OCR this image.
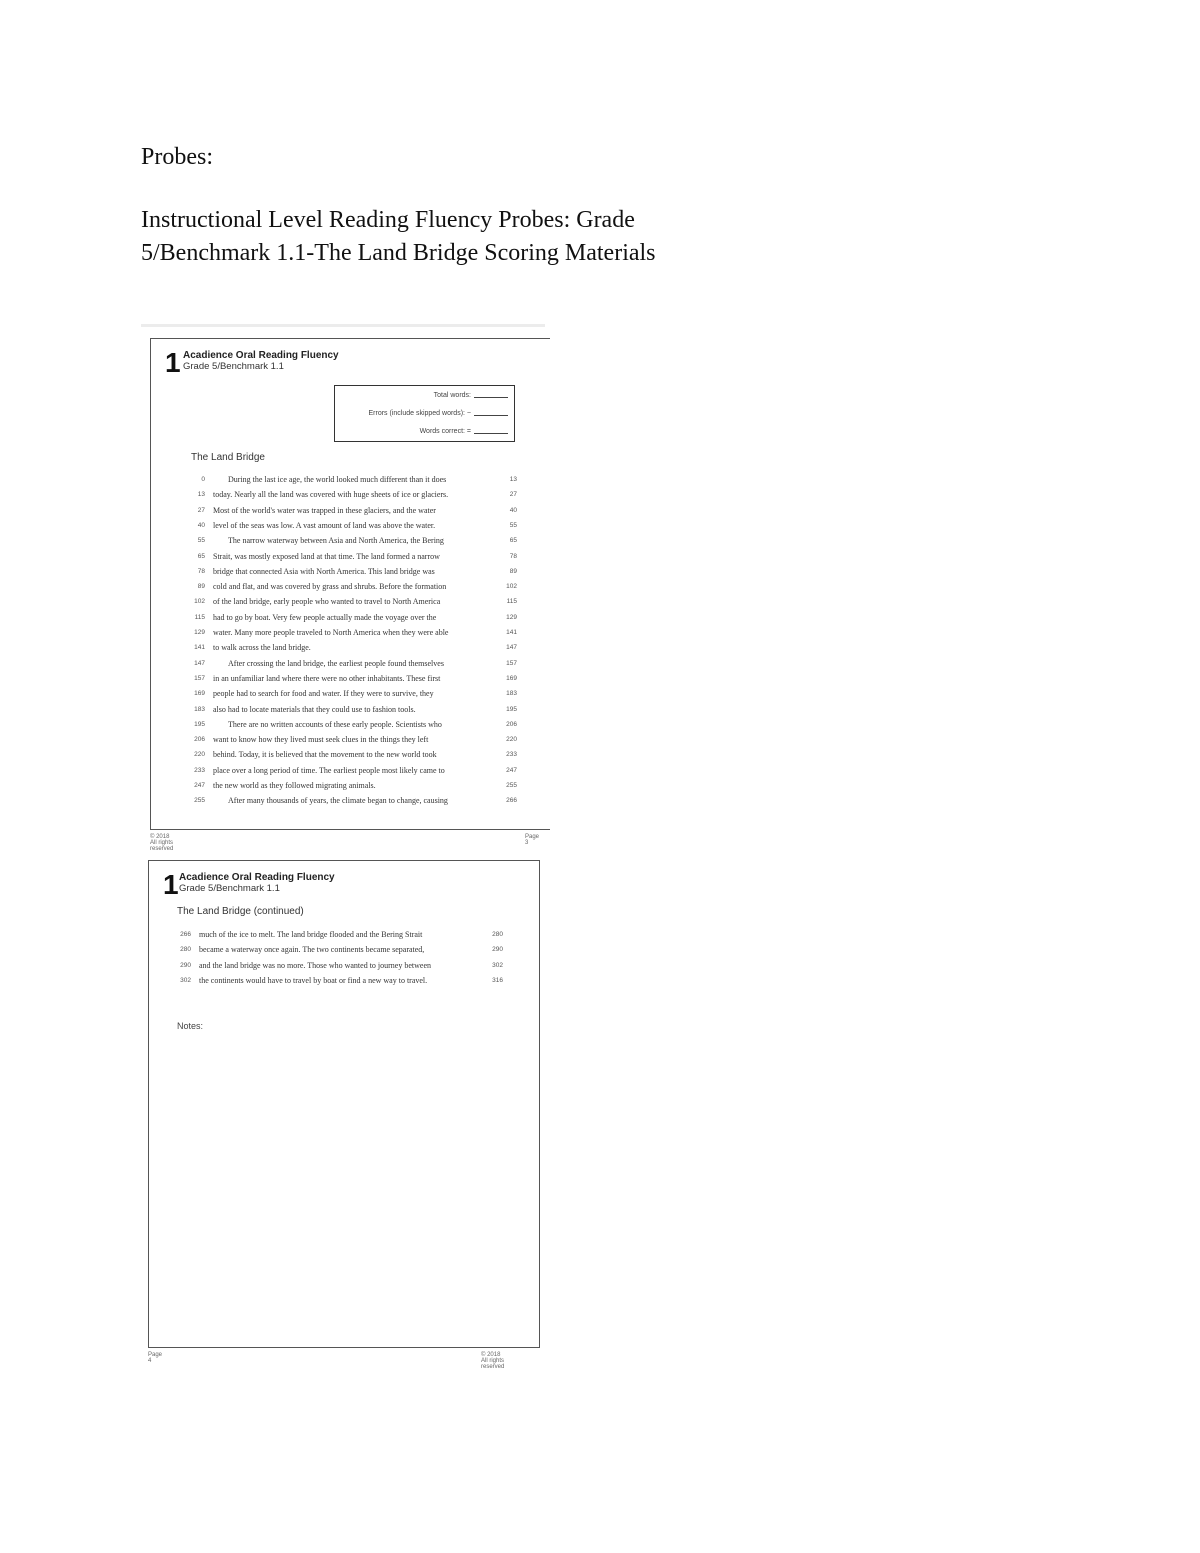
Probes:
Instructional Level Reading Fluency Probes: Grade 5/Benchmark 1.1-The Land Bridge Scoring Materials
1 Acadience Oral Reading Fluency
Grade 5/Benchmark 1.1
Total words:
Errors (include skipped words): −
Words correct: =
The Land Bridge
0	During the last ice age, the world looked much different than it does	13
13 today. Nearly all the land was covered with huge sheets of ice or glaciers.	27
27 Most of the world's water was trapped in these glaciers, and the water	40
40 level of the seas was low. A vast amount of land was above the water.	55
55	The narrow waterway between Asia and North America, the Bering	65
65 Strait, was mostly exposed land at that time. The land formed a narrow	78
78 bridge that connected Asia with North America. This land bridge was	89
89 cold and flat, and was covered by grass and shrubs. Before the formation	102
102 of the land bridge, early people who wanted to travel to North America	115
115 had to go by boat. Very few people actually made the voyage over the	129
129 water. Many more people traveled to North America when they were able	141
141 to walk across the land bridge.	147
147	After crossing the land bridge, the earliest people found themselves	157
157 in an unfamiliar land where there were no other inhabitants. These first	169
169 people had to search for food and water. If they were to survive, they	183
183 also had to locate materials that they could use to fashion tools.	195
195	There are no written accounts of these early people. Scientists who	206
206 want to know how they lived must seek clues in the things they left	220
220 behind. Today, it is believed that the movement to the new world took	233
233 place over a long period of time. The earliest people most likely came to	247
247 the new world as they followed migrating animals.	255
255	After many thousands of years, the climate began to change, causing	266
© 2018 All rights reserved
Page 3
1 Acadience Oral Reading Fluency
Grade 5/Benchmark 1.1
The Land Bridge (continued)
266 much of the ice to melt. The land bridge flooded and the Bering Strait	280
280 became a waterway once again. The two continents became separated,	290
290 and the land bridge was no more. Those who wanted to journey between	302
302 the continents would have to travel by boat or find a new way to travel.	316
Notes:
Page 4
© 2018 All rights reserved
